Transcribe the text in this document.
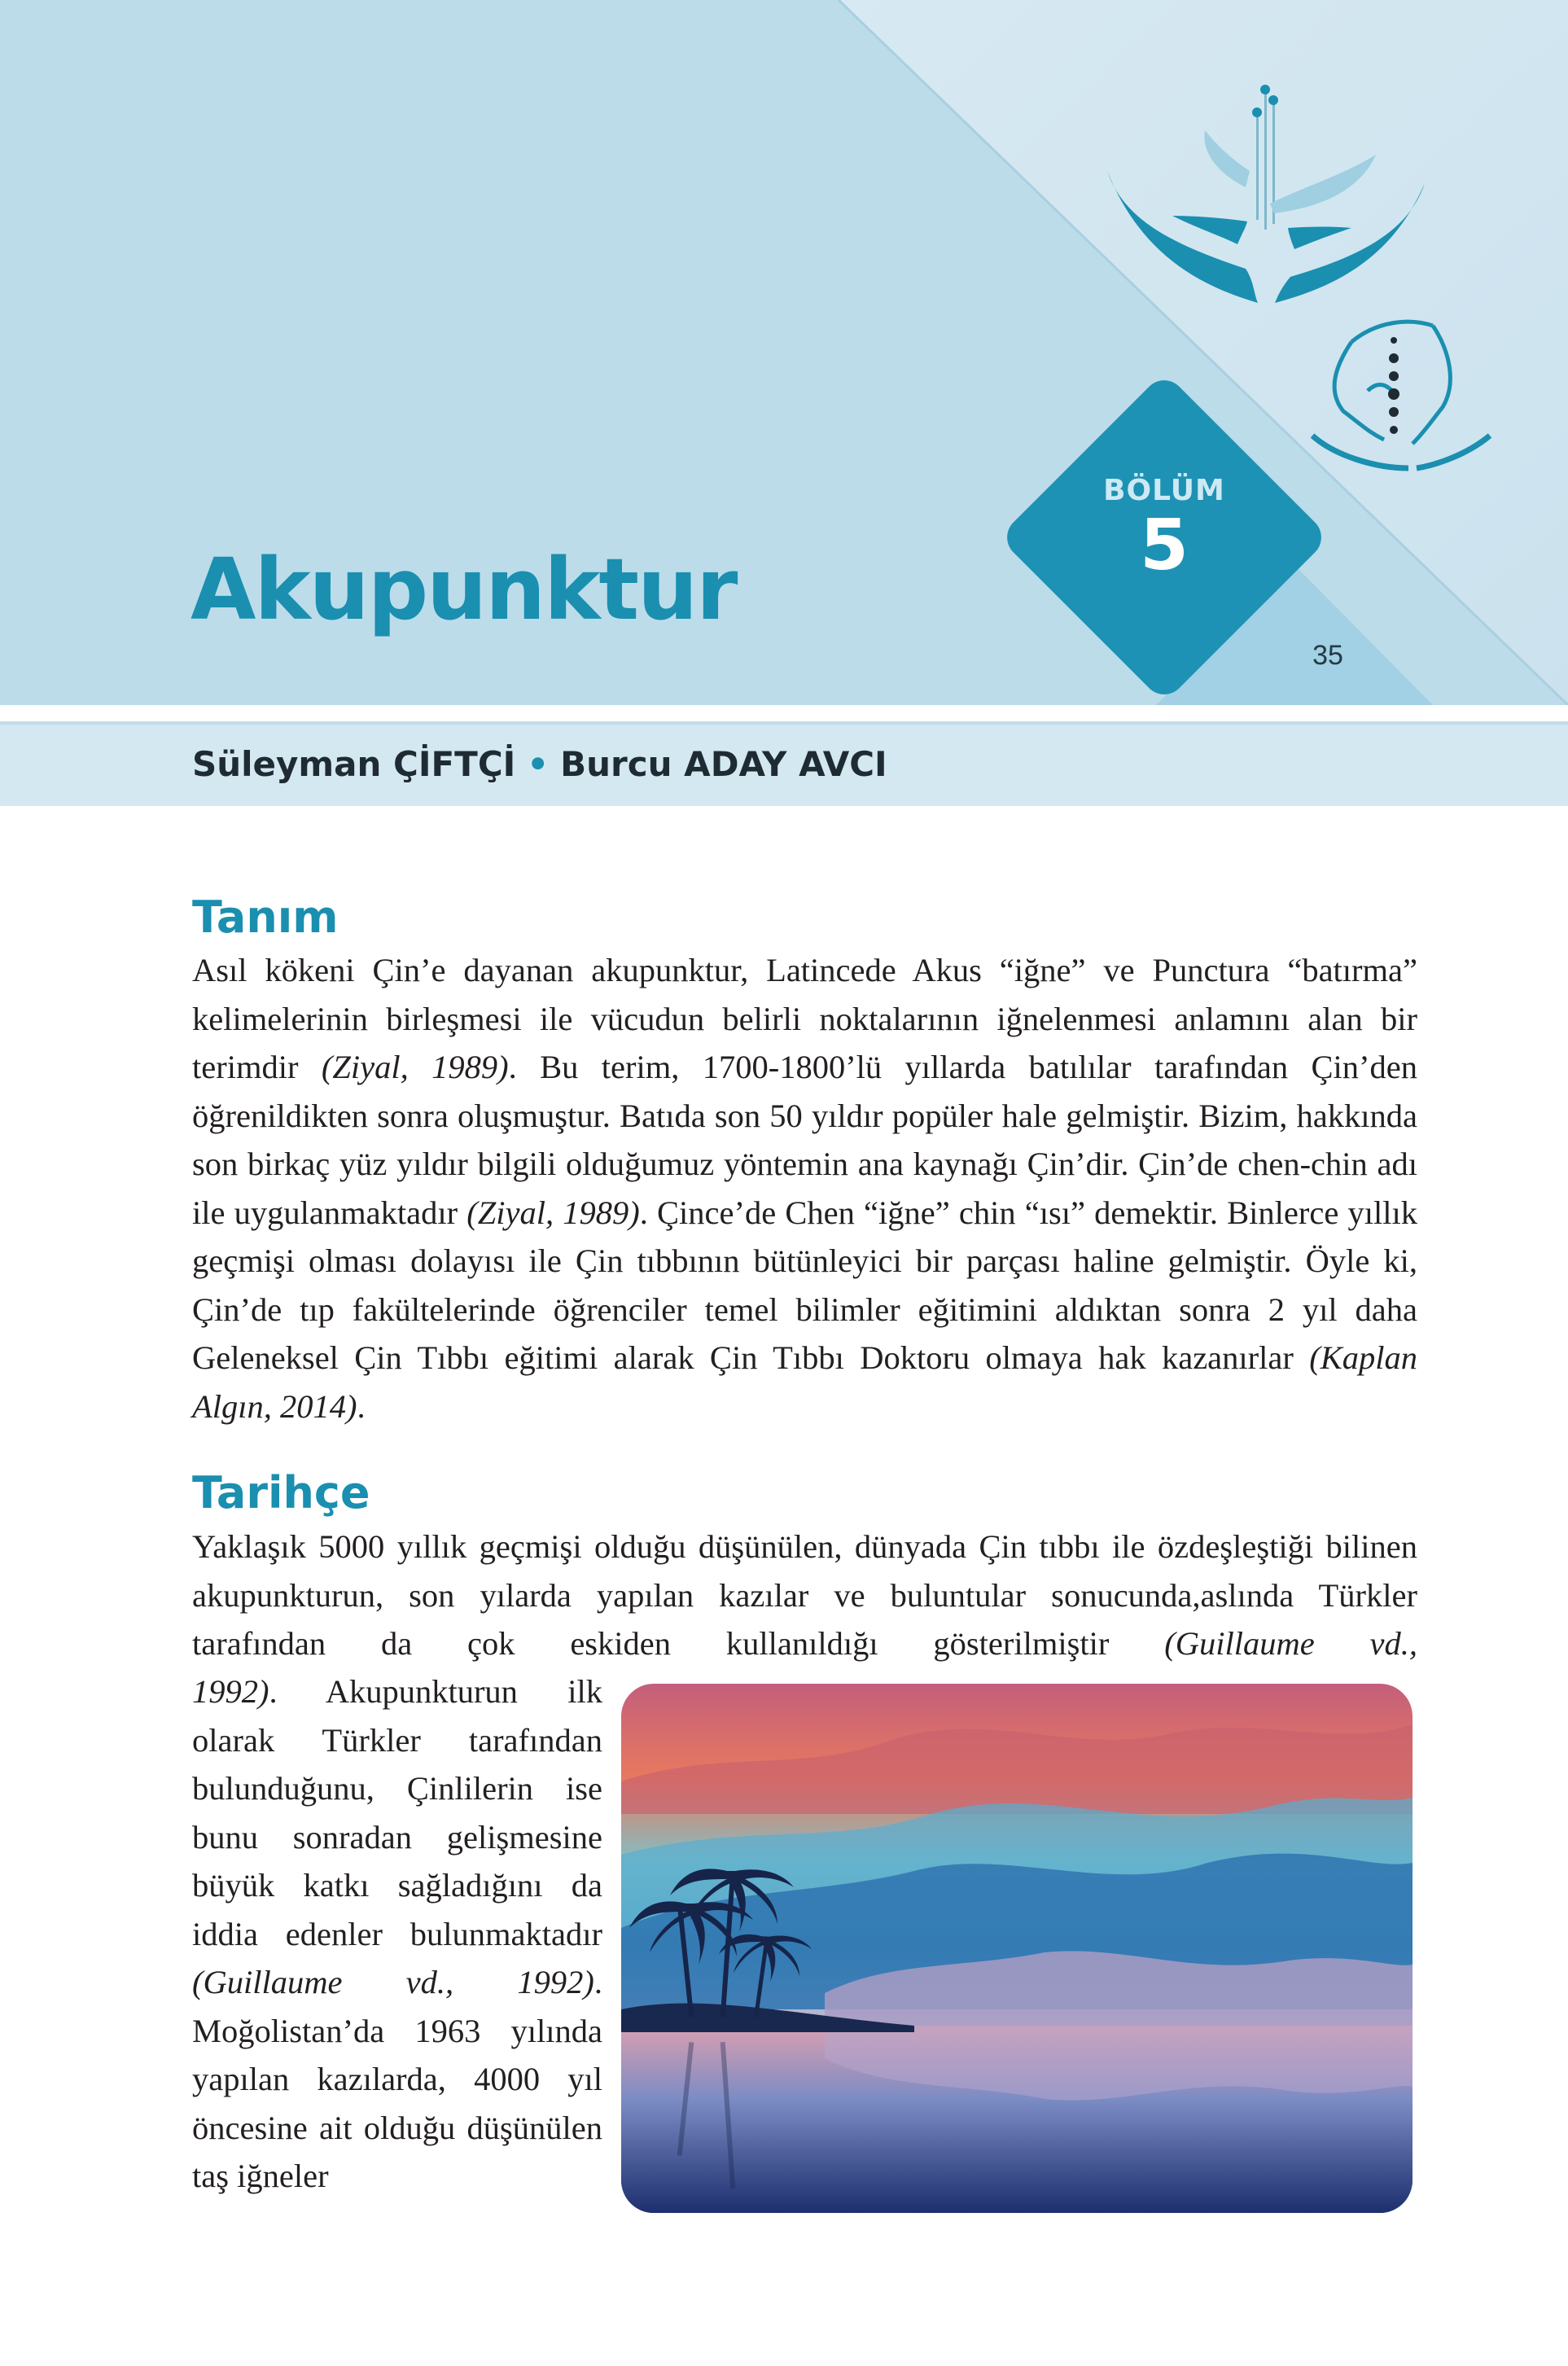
Akupunktur
BÖLÜM
5
35
Süleyman ÇİFTÇİ • Burcu ADAY AVCI
Tanım

Asıl kökeni Çin’e dayanan akupunktur, Latincede Akus “iğne” ve Punctura “batırma” kelimelerinin birleşmesi ile vücudun belirli noktalarının iğnelenmesi anlamını alan bir terimdir (Ziyal, 1989). Bu terim, 1700-1800’lü yıllarda batılılar tarafından Çin’den öğrenildikten sonra oluşmuştur. Batıda son 50 yıldır popüler hale gelmiştir. Bizim, hakkında son birkaç yüz yıldır bilgili olduğumuz yöntemin ana kaynağı Çin’dir. Çin’de chen-chin adı ile uygulanmaktadır (Ziyal, 1989). Çince’de Chen “iğne” chin “ısı” demektir. Binlerce yıllık geçmişi olması dolayısı ile Çin tıbbının bütünleyici bir parçası haline gelmiştir. Öyle ki, Çin’de tıp fakültelerinde öğrenciler temel bilimler eğitimini aldıktan sonra 2 yıl daha Geleneksel Çin Tıbbı eğitimi alarak Çin Tıbbı Doktoru olmaya hak kazanırlar (Kaplan Algın, 2014).

Tarihçe

Yaklaşık 5000 yıllık geçmişi olduğu düşünülen, dünyada Çin tıbbı ile özdeşleştiği bilinen akupunkturun, son yılarda yapılan kazılar ve buluntular sonucunda,aslında Türkler tarafından da çok eskiden kullanıldığı gösterilmiştir (Guillaume vd.,

1992). Akupunkturun ilk olarak Türkler tarafından bulunduğunu, Çinlilerin ise bunu sonradan gelişmesine büyük katkı sağladığını da iddia edenler bulunmaktadır (Guillaume vd., 1992). Moğolistan’da 1963 yılında yapılan kazılarda, 4000 yıl öncesine ait olduğu düşünülen taş iğneler
